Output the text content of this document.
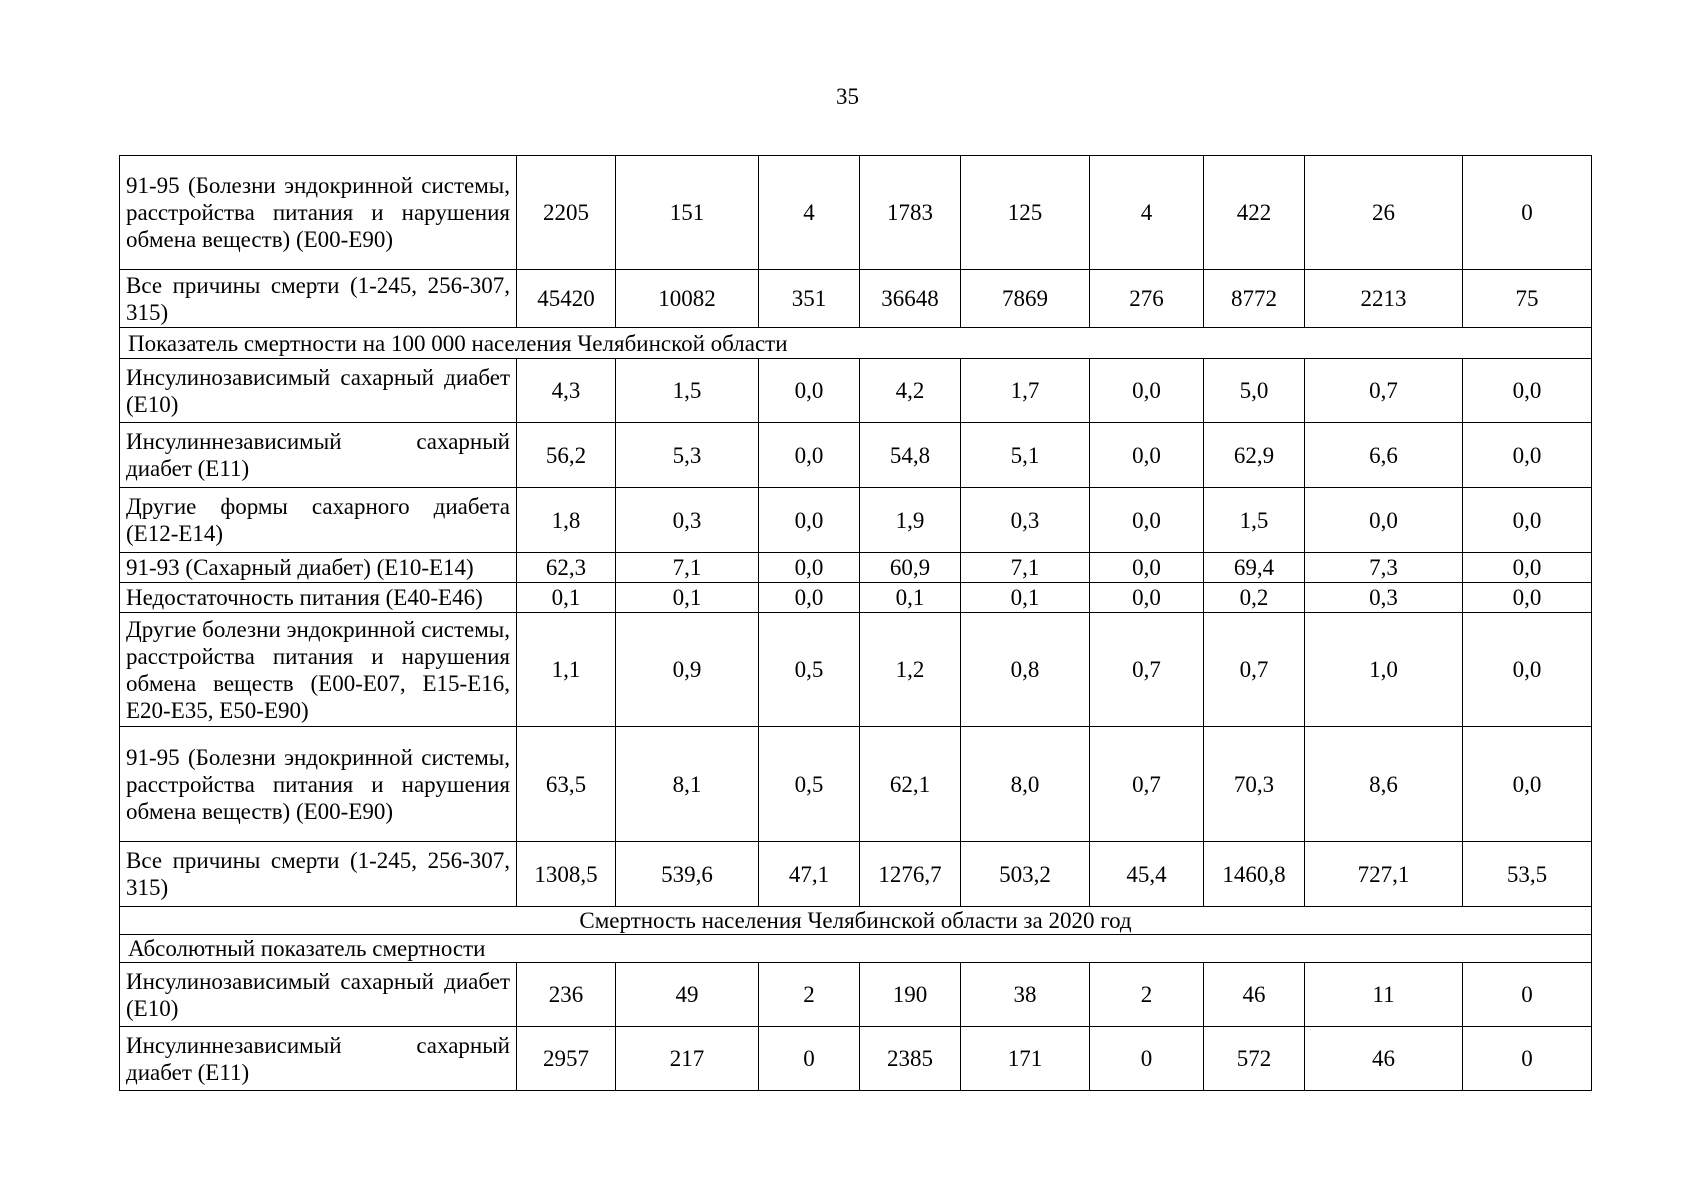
35
91-95 (Болезни эндокринной системы, расстройства питания и нарушения обмена веществ) (Е00-Е90)	2205	151	4	1783	125	4	422	26	0
Все причины смерти (1-245, 256-307, 315)	45420	10082	351	36648	7869	276	8772	2213	75
Показатель смертности на 100 000 населения Челябинской области									
Инсулинозависимый сахарный диабет (Е10)	4,3	1,5	0,0	4,2	1,7	0,0	5,0	0,7	0,0
Инсулиннезависимый сахарный диабет (Е11)	56,2	5,3	0,0	54,8	5,1	0,0	62,9	6,6	0,0
Другие формы сахарного диабета (Е12-Е14)	1,8	0,3	0,0	1,9	0,3	0,0	1,5	0,0	0,0
91-93 (Сахарный диабет) (Е10-Е14)	62,3	7,1	0,0	60,9	7,1	0,0	69,4	7,3	0,0
Недостаточность питания (Е40-Е46)	0,1	0,1	0,0	0,1	0,1	0,0	0,2	0,3	0,0
Другие болезни эндокринной системы, расстройства питания и нарушения обмена веществ (Е00-Е07, Е15-Е16, Е20-Е35, Е50-Е90)	1,1	0,9	0,5	1,2	0,8	0,7	0,7	1,0	0,0
91-95 (Болезни эндокринной системы, расстройства питания и нарушения обмена веществ) (Е00-Е90)	63,5	8,1	0,5	62,1	8,0	0,7	70,3	8,6	0,0
Все причины смерти (1-245, 256-307, 315)	1308,5	539,6	47,1	1276,7	503,2	45,4	1460,8	727,1	53,5
Смертность населения Челябинской области за 2020 год									
Абсолютный показатель смертности									
Инсулинозависимый сахарный диабет (Е10)	236	49	2	190	38	2	46	11	0
Инсулиннезависимый сахарный диабет (Е11)	2957	217	0	2385	171	0	572	46	0
